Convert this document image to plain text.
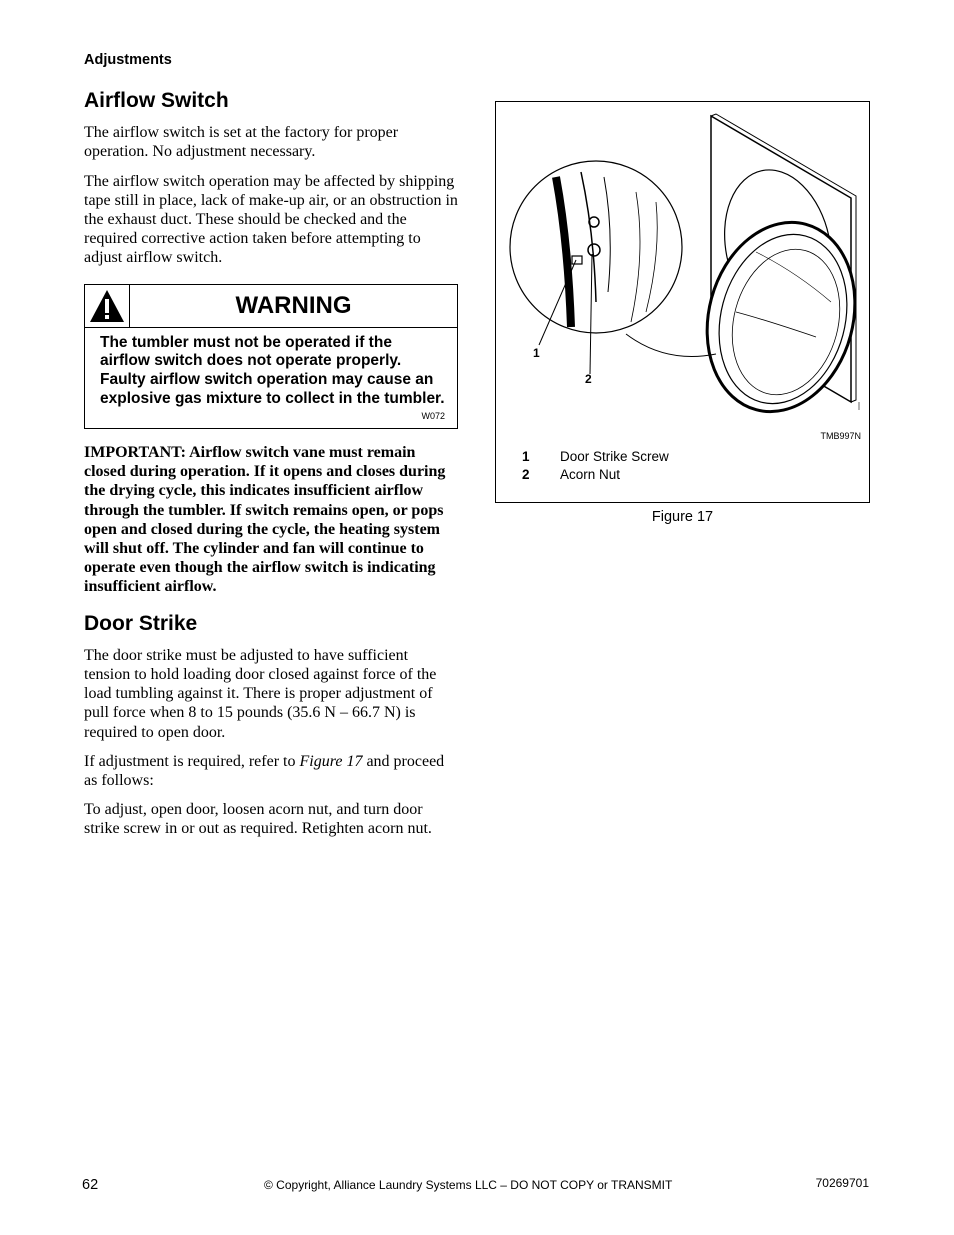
Adjustments
Airflow Switch

The airflow switch is set at the factory for proper operation. No adjustment necessary.

The airflow switch operation may be affected by shipping tape still in place, lack of make-up air, or an obstruction in the exhaust duct. These should be checked and the required corrective action taken before attempting to adjust airflow switch.

WARNING
The tumbler must not be operated if the airflow switch does not operate properly. Faulty airflow switch operation may cause an explosive gas mixture to collect in the tumbler.
W072

IMPORTANT: Airflow switch vane must remain closed during operation. If it opens and closes during the drying cycle, this indicates insufficient airflow through the tumbler. If switch remains open, or pops open and closed during the cycle, the heating system will shut off. The cylinder and fan will continue to operate even though the airflow switch is indicating insufficient airflow.

Door Strike

The door strike must be adjusted to have sufficient tension to hold loading door closed against force of the load tumbling against it. There is proper adjustment of pull force when 8 to 15 pounds (35.6 N – 66.7 N) is required to open door.

If adjustment is required, refer to Figure 17 and proceed as follows:

To adjust, open door, loosen acorn nut, and turn door strike screw in or out as required. Retighten acorn nut.

1
2
TMB997N
1	Door Strike Screw
2	Acorn Nut
Figure 17
62	© Copyright, Alliance Laundry Systems LLC – DO NOT COPY or TRANSMIT	70269701
